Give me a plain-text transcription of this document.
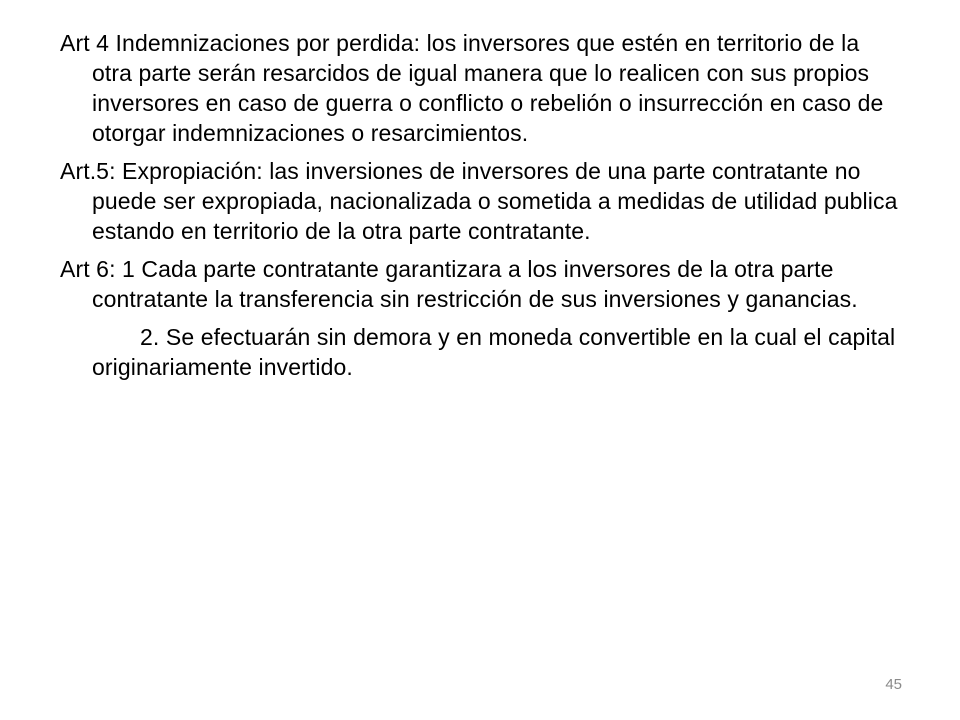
Art 4 Indemnizaciones por perdida: los inversores que estén en territorio de la otra parte serán resarcidos de igual manera que lo realicen con sus propios inversores en caso de guerra o conflicto o rebelión o insurrección en caso de otorgar indemnizaciones o resarcimientos.

Art.5: Expropiación: las inversiones de inversores de una parte contratante no puede ser expropiada, nacionalizada o sometida a medidas de utilidad publica estando en territorio de la otra parte contratante.

Art 6: 1 Cada parte contratante garantizara a los inversores de la otra parte contratante la transferencia sin restricción de sus inversiones y ganancias.

2. Se efectuarán sin demora y en moneda convertible en la cual el capital originariamente invertido.

45
